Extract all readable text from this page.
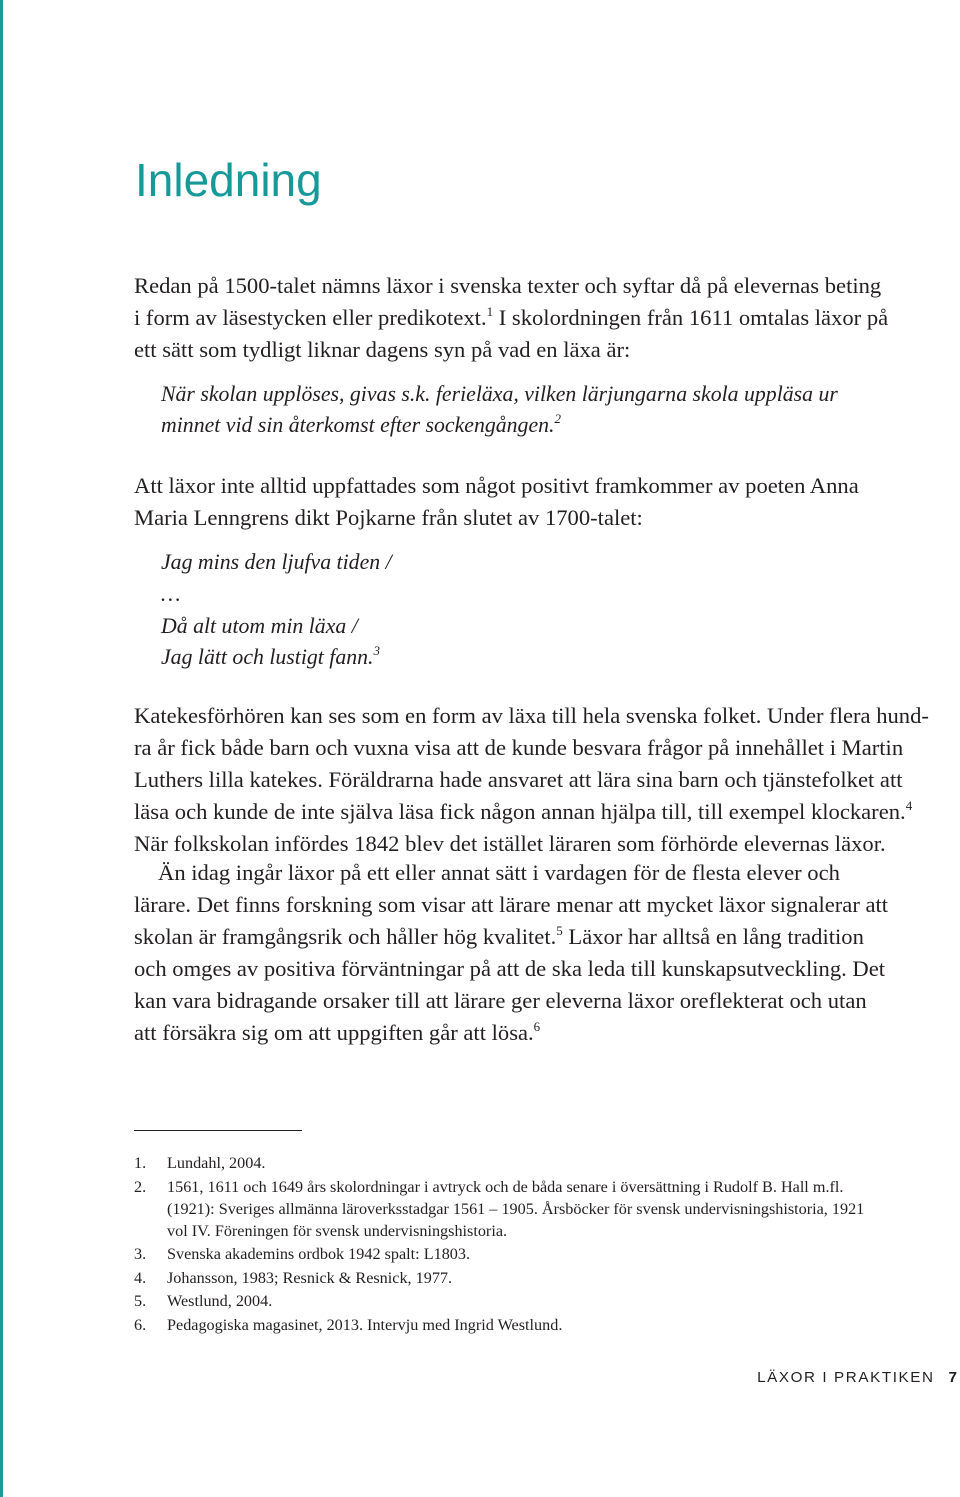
Inledning

Redan på 1500-talet nämns läxor i svenska texter och syftar då på elevernas beting
i form av läsestycken eller predikotext.$^1$ I skolordningen från 1611 omtalas läxor på
ett sätt som tydligt liknar dagens syn på vad en läxa är:

När skolan upplöses, givas s.k. ferieläxa, vilken lärjungarna skola uppläsa ur
minnet vid sin återkomst efter sockengången.$^2$

Att läxor inte alltid uppfattades som något positivt framkommer av poeten Anna
Maria Lenngrens dikt Pojkarne från slutet av 1700-talet:

Jag mins den ljufva tiden /
…
Då alt utom min läxa /
Jag lätt och lustigt fann.$^3$

Katekesförhören kan ses som en form av läxa till hela svenska folket. Under flera hund-
ra år fick både barn och vuxna visa att de kunde besvara frågor på innehållet i Martin
Luthers lilla katekes. Föräldrarna hade ansvaret att lära sina barn och tjänstefolket att
läsa och kunde de inte själva läsa fick någon annan hjälpa till, till exempel klockaren.$^4$
När folkskolan infördes 1842 blev det istället läraren som förhörde elevernas läxor.

Än idag ingår läxor på ett eller annat sätt i vardagen för de flesta elever och
lärare. Det finns forskning som visar att lärare menar att mycket läxor signalerar att
skolan är framgångsrik och håller hög kvalitet.$^5$ Läxor har alltså en lång tradition
och omges av positiva förväntningar på att de ska leda till kunskapsutveckling. Det
kan vara bidragande orsaker till att lärare ger eleverna läxor oreflekterat och utan
att försäkra sig om att uppgiften går att lösa.$^6$

1. Lundahl, 2004.
2. 1561, 1611 och 1649 års skolordningar i avtryck och de båda senare i översättning i Rudolf B. Hall m.fl.
(1921): Sveriges allmänna läroverksstadgar 1561 – 1905. Årsböcker för svensk undervisningshistoria, 1921
vol IV. Föreningen för svensk undervisningshistoria.
3. Svenska akademins ordbok 1942 spalt: L1803.
4. Johansson, 1983; Resnick & Resnick, 1977.
5. Westlund, 2004.
6. Pedagogiska magasinet, 2013. Intervju med Ingrid Westlund.
LÄXOR I PRAKTIKEN 7
